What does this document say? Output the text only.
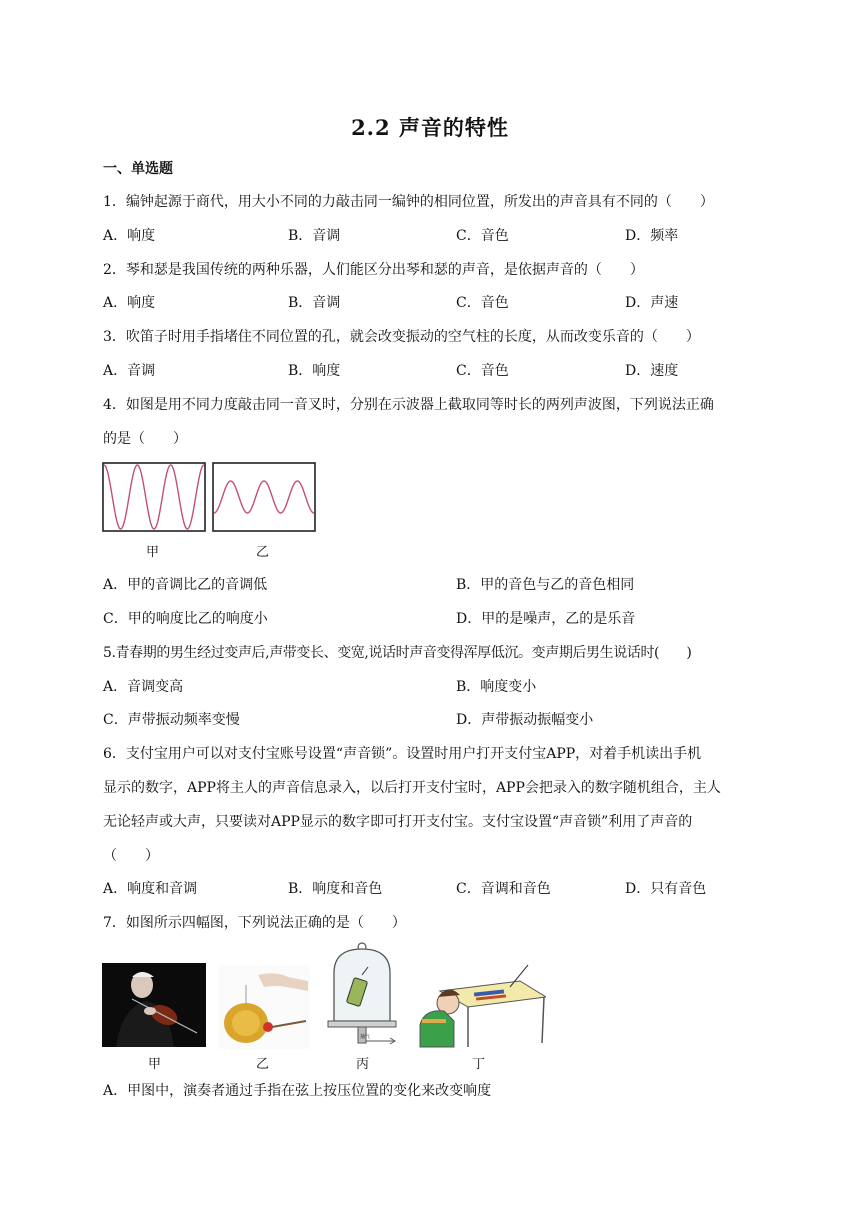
2.2 声音的特性
一、单选题
1．编钟起源于商代，用大小不同的力敲击同一编钟的相同位置，所发出的声音具有不同的（　　）
A．响度	B．音调	C．音色	D．频率
2．琴和瑟是我国传统的两种乐器，人们能区分出琴和瑟的声音，是依据声音的（　　）
A．响度	B．音调	C．音色	D．声速
3．吹笛子时用手指堵住不同位置的孔，就会改变振动的空气柱的长度，从而改变乐音的（　　）
A．音调	B．响度	C．音色	D．速度
4．如图是用不同力度敲击同一音叉时，分别在示波器上截取同等时长的两列声波图，下列说法正确
的是（　　）
甲	乙
A．甲的音调比乙的音调低	B．甲的音色与乙的音色相同
C．甲的响度比乙的响度小	D．甲的是噪声，乙的是乐音
5.青春期的男生经过变声后,声带变长、变宽,说话时声音变得浑厚低沉。变声期后男生说话时(　　)
A．音调变高	B．响度变小
C．声带振动频率变慢	D．声带振动振幅变小
6．支付宝用户可以对支付宝账号设置“声音锁”。设置时用户打开支付宝APP，对着手机读出手机
显示的数字，APP将主人的声音信息录入，以后打开支付宝时，APP会把录入的数字随机组合，主人
无论轻声或大声，只要读对APP显示的数字即可打开支付宝。支付宝设置“声音锁”利用了声音的
（　　）
A．响度和音调	B．响度和音色	C．音调和音色	D．只有音色
7．如图所示四幅图，下列说法正确的是（　　）
抽气
甲	乙	丙	丁
A．甲图中，演奏者通过手指在弦上按压位置的变化来改变响度
